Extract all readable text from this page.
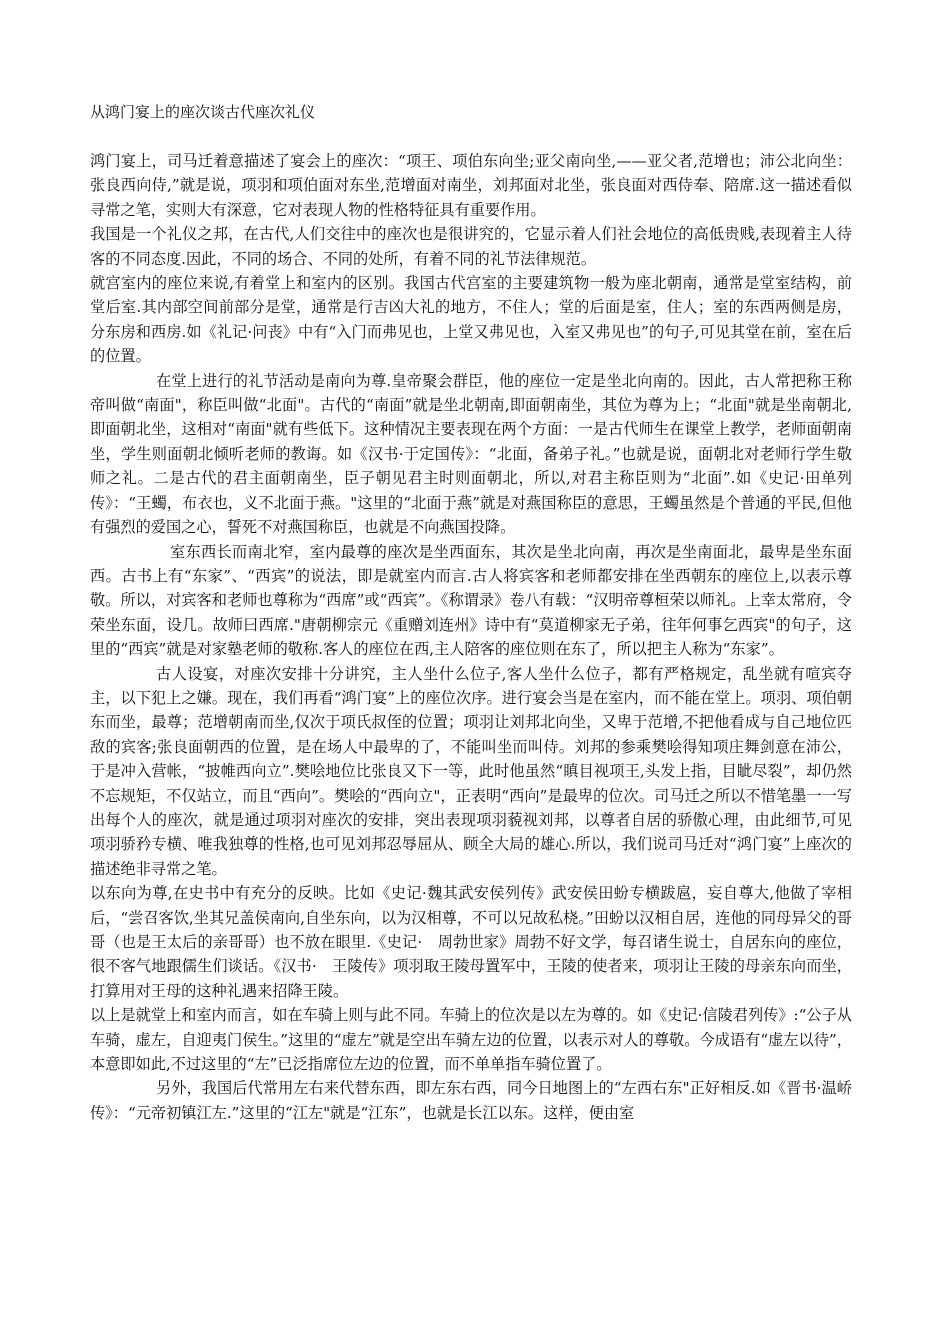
从鸿门宴上的座次谈古代座次礼仪

鸿门宴上，司马迁着意描述了宴会上的座次：“项王、项伯东向坐;亚父南向坐,——亚父者,范增也；沛公北向坐：张良西向侍,”就是说，项羽和项伯面对东坐,范增面对南坐，刘邦面对北坐，张良面对西侍奉、陪席.这一描述看似寻常之笔，实则大有深意，它对表现人物的性格特征具有重要作用。

我国是一个礼仪之邦，在古代,人们交往中的座次也是很讲究的，它显示着人们社会地位的高低贵贱,表现着主人待客的不同态度.因此，不同的场合、不同的处所，有着不同的礼节法律规范。

就宫室内的座位来说,有着堂上和室内的区别。我国古代宫室的主要建筑物一般为座北朝南，通常是堂室结构，前堂后室.其内部空间前部分是堂，通常是行吉凶大礼的地方，不住人；堂的后面是室，住人；室的东西两侧是房，分东房和西房.如《礼记·问丧》中有“入门而弗见也，上堂又弗见也，入室又弗见也”的句子,可见其堂在前，室在后的位置。

在堂上进行的礼节活动是南向为尊.皇帝聚会群臣，他的座位一定是坐北向南的。因此，古人常把称王称帝叫做“南面"，称臣叫做“北面"。古代的“南面”就是坐北朝南,即面朝南坐，其位为尊为上；“北面"就是坐南朝北,即面朝北坐，这相对“南面"就有些低下。这种情况主要表现在两个方面：一是古代师生在课堂上教学，老师面朝南坐，学生则面朝北倾听老师的教诲。如《汉书·于定国传》：“北面，备弟子礼。”也就是说，面朝北对老师行学生敬师之礼。二是古代的君主面朝南坐，臣子朝见君主时则面朝北，所以,对君主称臣则为“北面”.如《史记·田单列传》：“王蠋，布衣也，义不北面于燕。"这里的“北面于燕”就是对燕国称臣的意思，王蠋虽然是个普通的平民,但他有强烈的爱国之心，誓死不对燕国称臣，也就是不向燕国投降。

室东西长而南北窄，室内最尊的座次是坐西面东，其次是坐北向南，再次是坐南面北，最卑是坐东面西。古书上有“东家”、“西宾”的说法，即是就室内而言.古人将宾客和老师都安排在坐西朝东的座位上,以表示尊敬。所以，对宾客和老师也尊称为“西席”或“西宾”。《称谓录》卷八有载：“汉明帝尊桓荣以师礼。上幸太常府，令荣坐东面，设几。故师曰西席."唐朝柳宗元《重赠刘连州》诗中有“莫道柳家无子弟，往年何事乞西宾"的句子，这里的“西宾”就是对家塾老师的敬称.客人的座位在西,主人陪客的座位则在东了，所以把主人称为“东家”。

古人设宴，对座次安排十分讲究，主人坐什么位子,客人坐什么位子，都有严格规定，乱坐就有喧宾夺主，以下犯上之嫌。现在，我们再看“鸿门宴”上的座位次序。进行宴会当是在室内，而不能在堂上。项羽、项伯朝东而坐，最尊；范增朝南而坐,仅次于项氏叔侄的位置；项羽让刘邦北向坐，又卑于范增,不把他看成与自己地位匹敌的宾客;张良面朝西的位置，是在场人中最卑的了，不能叫坐而叫侍。刘邦的参乘樊哙得知项庄舞剑意在沛公，于是冲入营帐，“披帷西向立”.樊哙地位比张良又下一等，此时他虽然“瞋目视项王,头发上指，目眦尽裂”，却仍然不忘规矩，不仅站立，而且“西向”。樊哙的“西向立"，正表明“西向”是最卑的位次。司马迁之所以不惜笔墨一一写出每个人的座次，就是通过项羽对座次的安排，突出表现项羽藐视刘邦，以尊者自居的骄傲心理，由此细节,可见项羽骄矜专横、唯我独尊的性格,也可见刘邦忍辱屈从、顾全大局的雄心.所以，我们说司马迁对“鸿门宴”上座次的描述绝非寻常之笔。

以东向为尊,在史书中有充分的反映。比如《史记·魏其武安侯列传》武安侯田蚡专横跋扈，妄自尊大,他做了宰相后，“尝召客饮,坐其兄盖侯南向,自坐东向，以为汉相尊，不可以兄故私桡。”田蚡以汉相自居，连他的同母异父的哥哥（也是王太后的亲哥哥）也不放在眼里.《史记·　周勃世家》周勃不好文学，每召诸生说士，自居东向的座位，很不客气地跟儒生们谈话。《汉书·　王陵传》项羽取王陵母置军中，王陵的使者来，项羽让王陵的母亲东向而坐，打算用对王母的这种礼遇来招降王陵。

以上是就堂上和室内而言，如在车骑上则与此不同。车骑上的位次是以左为尊的。如《史记·信陵君列传》:“公子从车骑，虚左，自迎夷门侯生。”这里的“虚左”就是空出车骑左边的位置，以表示对人的尊敬。今成语有“虚左以待”，本意即如此,不过这里的“左”已泛指席位左边的位置，而不单单指车骑位置了。

另外，我国后代常用左右来代替东西，即左东右西，同今日地图上的“左西右东"正好相反.如《晋书·温峤传》：“元帝初镇江左.”这里的“江左"就是“江东”，也就是长江以东。这样，便由室
